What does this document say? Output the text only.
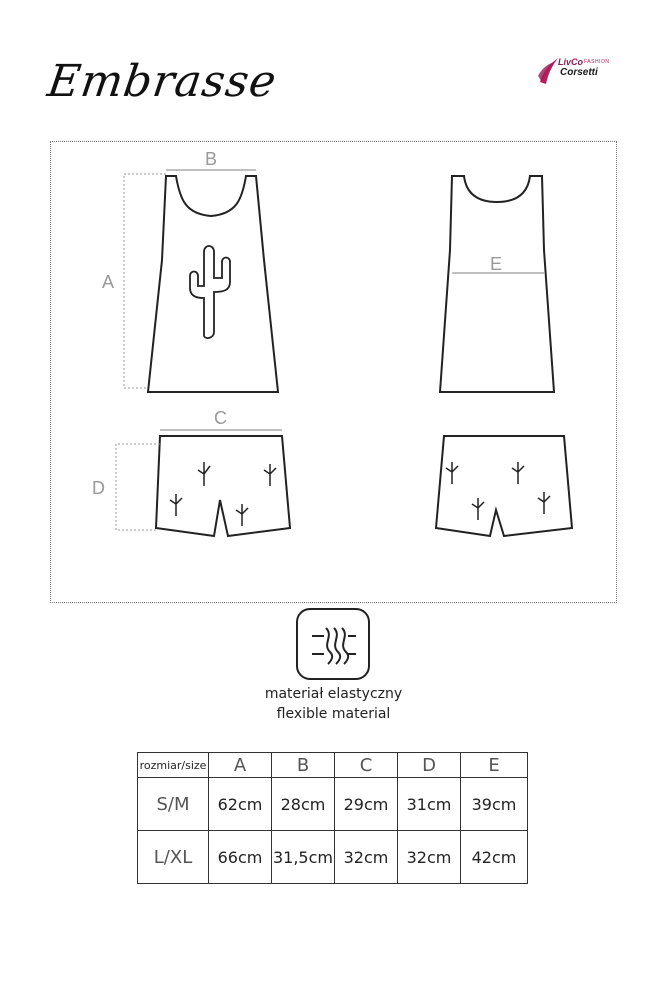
Embrasse	LivCo FASHION
Corsetti
B
A
E
C
D
materiał elastyczny
flexible material
rozmiar/size	A	B	C	D	E
S/M	62cm	28cm	29cm	31cm	39cm
L/XL	66cm	31,5cm	32cm	32cm	42cm
